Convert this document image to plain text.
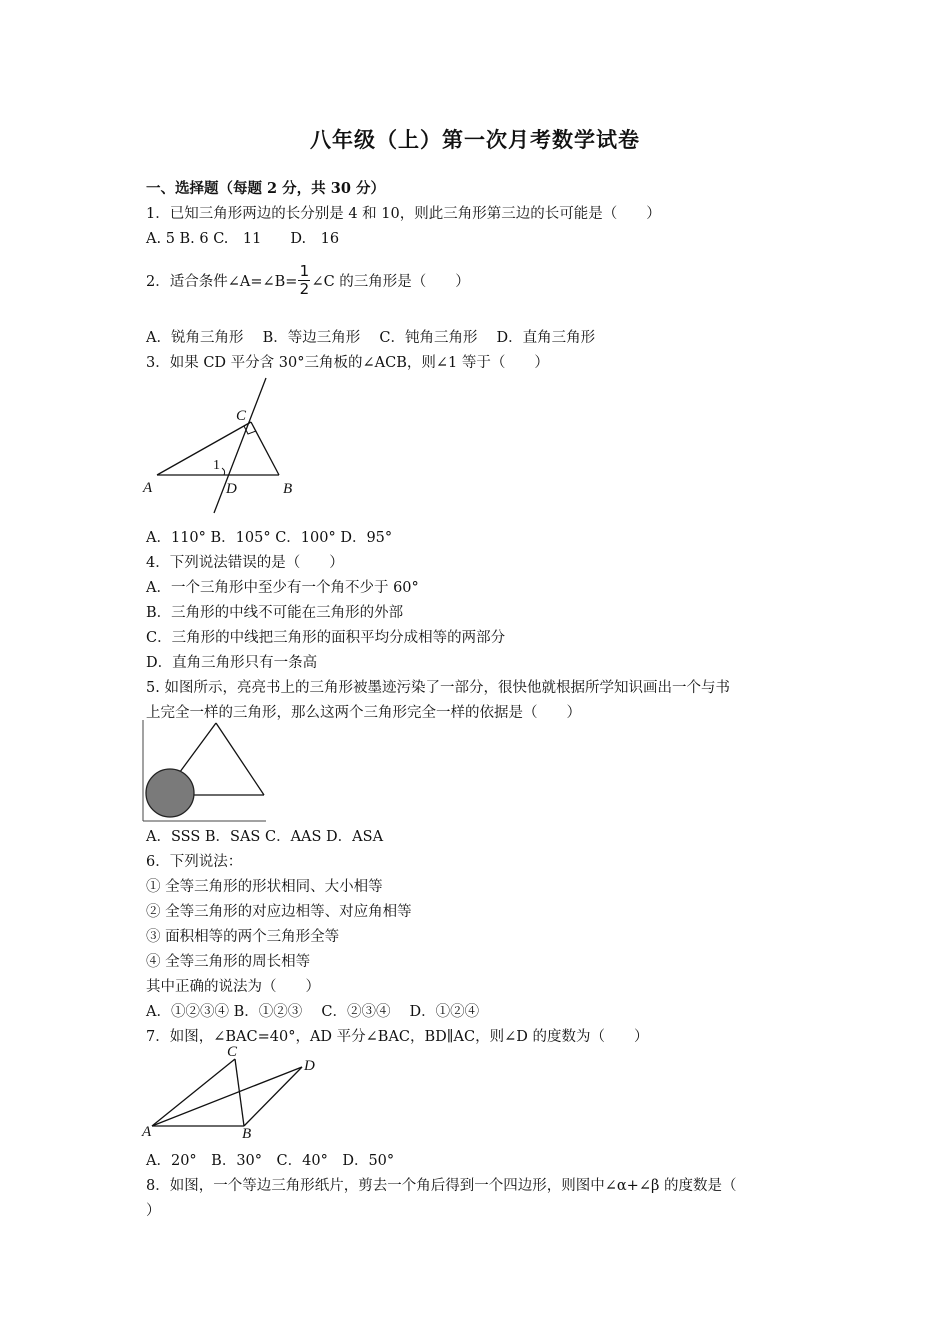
八年级（上）第一次月考数学试卷
一、选择题（每题 2 分，共 30 分）
1．已知三角形两边的长分别是 4 和 10，则此三角形第三边的长可能是（　　）
A. 5 B. 6 C.　11　　D.　16
2．适合条件∠A=∠B= $\frac{1}{2}$ ∠C 的三角形是（　　）
A．锐角三角形　 B．等边三角形　 C．钝角三角形　 D．直角三角形
3．如果 CD 平分含 30°三角板的∠ACB，则∠1 等于（　　）
C
A	D	B
1
A．110° B．105° C．100° D．95°
4．下列说法错误的是（　　）
A．一个三角形中至少有一个角不少于 60°
B．三角形的中线不可能在三角形的外部
C．三角形的中线把三角形的面积平均分成相等的两部分
D．直角三角形只有一条高
5. 如图所示，亮亮书上的三角形被墨迹污染了一部分，很快他就根据所学知识画出一个与书
上完全一样的三角形，那么这两个三角形完全一样的依据是（　　）
A．SSS B．SAS C．AAS D．ASA
6．下列说法：
① 全等三角形的形状相同、大小相等
② 全等三角形的对应边相等、对应角相等
③ 面积相等的两个三角形全等
④ 全等三角形的周长相等
其中正确的说法为（　　）
A．①②③④ B．①②③　 C．②③④　 D．①②④
7．如图，∠BAC=40°，AD 平分∠BAC，BD∥AC，则∠D 的度数为（　　）
C
D
A	B
A．20°　B．30°　C．40°　D．50°
8．如图，一个等边三角形纸片，剪去一个角后得到一个四边形，则图中∠α+∠β 的度数是（
）
